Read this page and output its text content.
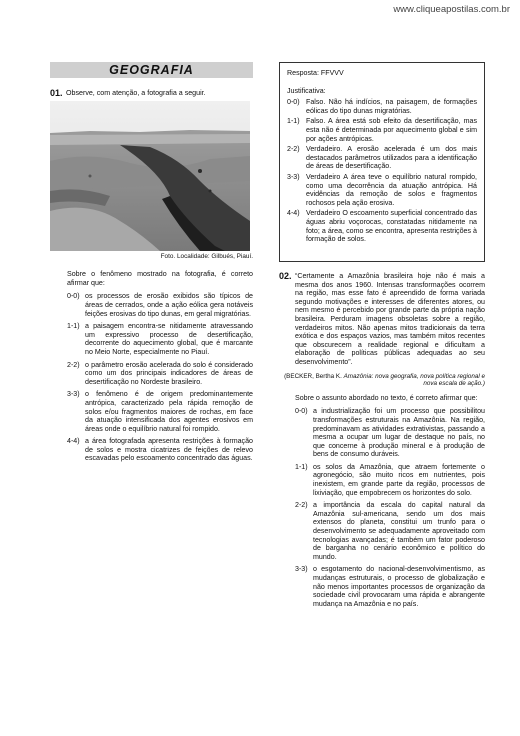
www.cliqueapostilas.com.br
GEOGRAFIA
01. Observe, com atenção, a fotografia a seguir.
Foto. Localidade: Gilbués, Piauí.

Sobre o fenômeno mostrado na fotografia, é correto afirmar que:

0-0) os processos de erosão exibidos são típicos de áreas de cerrados, onde a ação eólica gera notáveis feições erosivas do tipo dunas, em geral migratórias.
1-1) a paisagem encontra-se nitidamente atravessando um expressivo processo de desertificação, decorrente do aquecimento global, que é marcante no Meio Norte, especialmente no Piauí.
2-2) o parâmetro erosão acelerada do solo é considerado como um dos principais indicadores de áreas de desertificação no Nordeste brasileiro.
3-3) o fenômeno é de origem predominantemente antrópica, caracterizado pela rápida remoção de solos e/ou fragmentos maiores de rochas, em face da atuação intensificada dos agentes erosivos em áreas onde o equilíbrio natural foi rompido.
4-4) a área fotografada apresenta restrições à formação de solos e mostra cicatrizes de feições de relevo escavadas pelo escoamento concentrado das águas.
Resposta: FFVVV
Justificativa:
0-0) Falso. Não há indícios, na paisagem, de formações eólicas do tipo dunas migratórias.
1-1) Falso. A área está sob efeito da desertificação, mas esta não é determinada por aquecimento global e sim por ações antrópicas.
2-2) Verdadeiro. A erosão acelerada é um dos mais destacados parâmetros utilizados para a identificação de áreas de desertificação.
3-3) Verdadeiro A área teve o equilíbrio natural rompido, como uma decorrência da atuação antrópica. Há evidências da remoção de solos e fragmentos rochosos pela ação erosiva.
4-4) Verdadeiro O escoamento superficial concentrado das águas abriu voçorocas, constatadas nitidamente na foto; a área, como se encontra, apresenta restrições à formação de solos.
02. “Certamente a Amazônia brasileira hoje não é mais a mesma dos anos 1960. Intensas transformações ocorrem na região, mas esse fato é apreendido de forma variada segundo motivações e interesses de diferentes atores, ou nem mesmo é percebido por grande parte da própria nação brasileira. Perduram imagens obsoletas sobre a região, verdadeiros mitos. Não apenas mitos tradicionais da terra exótica e dos espaços vazios, mas também mitos recentes que obscurecem a realidade regional e dificultam a elaboração de políticas públicas adequadas ao seu desenvolvimento”.
(BECKER, Bertha K. Amazônia: nova geografia, nova política regional e nova escala de ação.)

Sobre o assunto abordado no texto, é correto afirmar que:

0-0) a industrialização foi um processo que possibilitou transformações estruturais na Amazônia. Na região, predominavam as atividades extrativistas, passando a mesma a ocupar um lugar de destaque no país, no que concerne à produção mineral e à produção de bens de consumo duráveis.
1-1) os solos da Amazônia, que atraem fortemente o agronegócio, são muito ricos em nutrientes, pois inexistem, em grande parte da região, processos de lixiviação, que empobrecem os horizontes do solo.
2-2) a importância da escala do capital natural da Amazônia sul-americana, sendo um dos mais extensos do planeta, constitui um trunfo para o desenvolvimento se adequadamente aproveitado com tecnologias avançadas; é também um fator poderoso de barganha no cenário econômico e político do mundo.
3-3) o esgotamento do nacional-desenvolvimentismo, as mudanças estruturais, o processo de globalização e não menos importantes processos de organização da sociedade civil provocaram uma rápida e abrangente mudança na Amazônia e no país.
